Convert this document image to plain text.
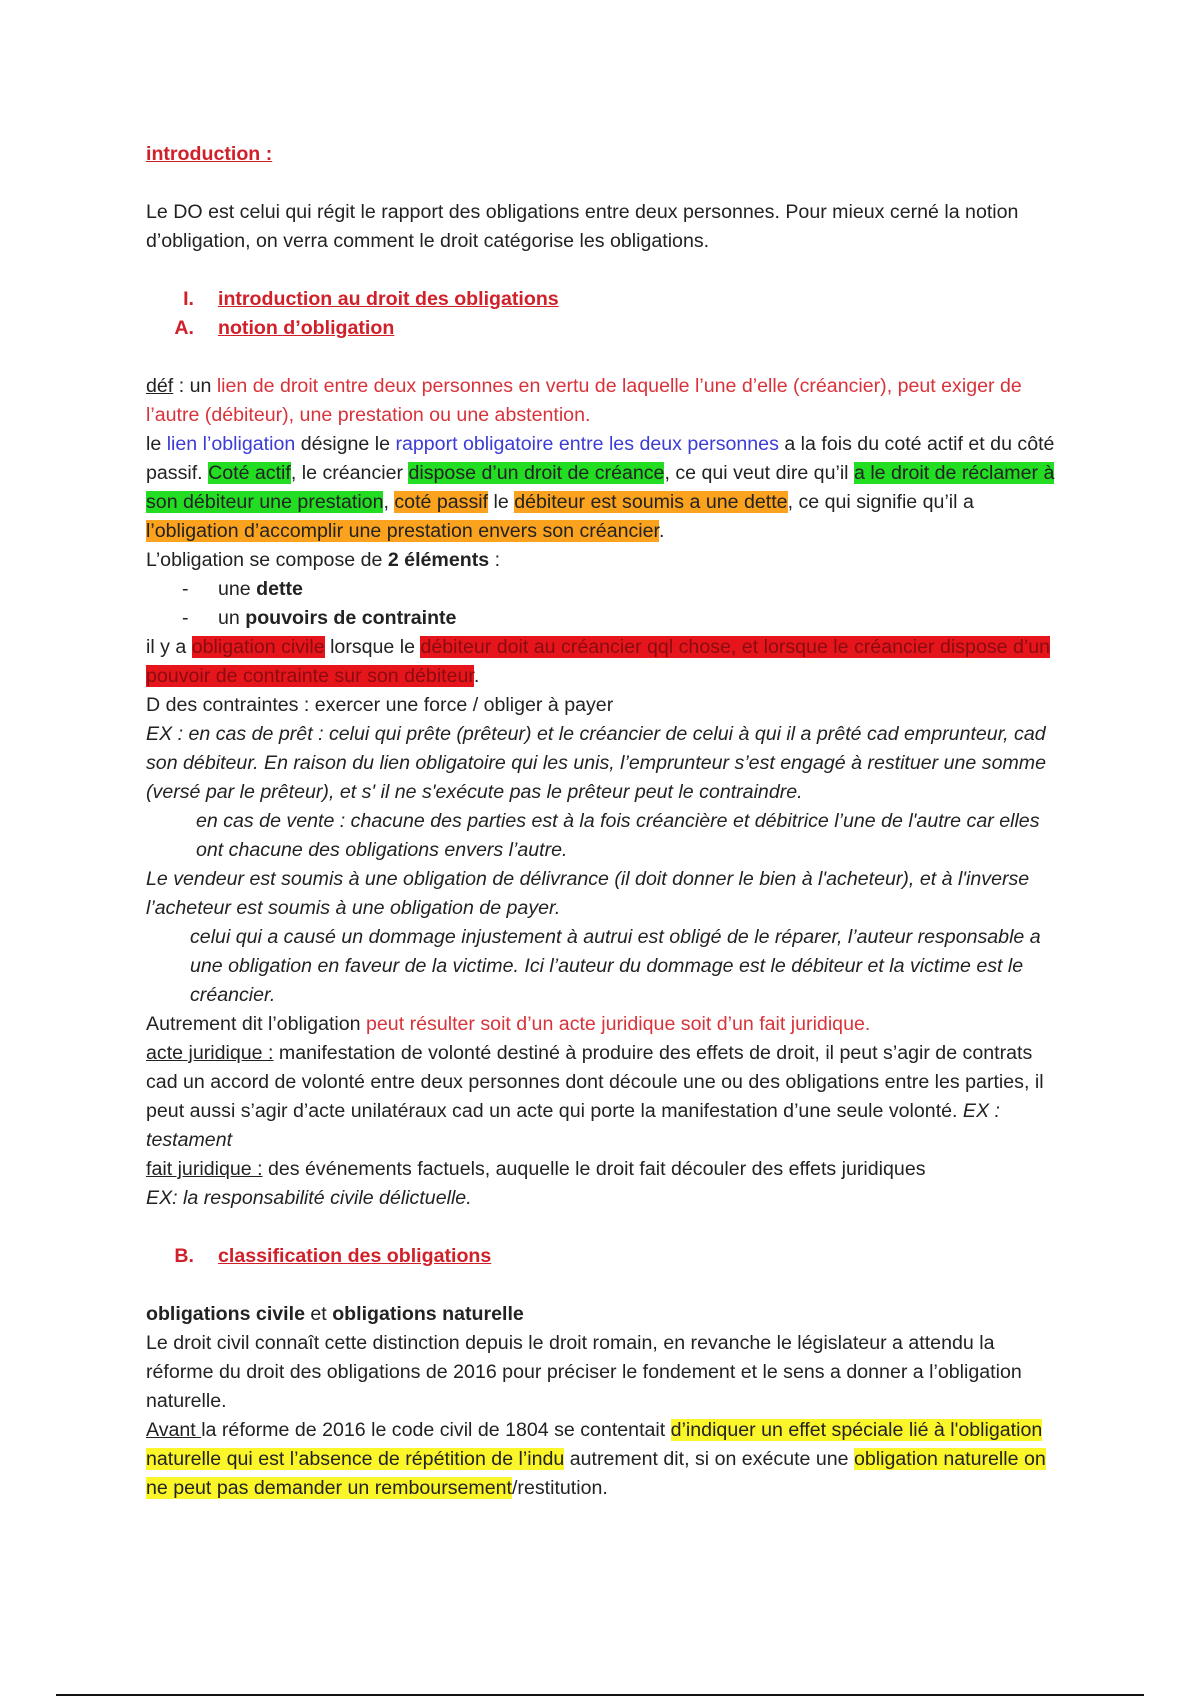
introduction :
Le DO est celui qui régit le rapport des obligations entre deux personnes. Pour mieux cerné la notion d’obligation, on verra comment le droit catégorise les obligations.
I.	introduction au droit des obligations
A.	notion d’obligation
déf : un lien de droit entre deux personnes en vertu de laquelle l’une d’elle (créancier), peut exiger de l’autre (débiteur), une prestation ou une abstention.
le lien l’obligation désigne le rapport obligatoire entre les deux personnes a la fois du coté actif et du côté passif. Coté actif, le créancier dispose d’un droit de créance, ce qui veut dire qu’il a le droit de réclamer à son débiteur une prestation, coté passif le débiteur est soumis a une dette, ce qui signifie qu’il a l’obligation d’accomplir une prestation envers son créancier.
L’obligation se compose de 2 éléments :
-	une dette
-	un pouvoirs de contrainte
il y a obligation civile lorsque le débiteur doit au créancier qql chose, et lorsque le créancier dispose d’un pouvoir de contrainte sur son débiteur.
D des contraintes : exercer une force / obliger à payer
EX : en cas de prêt : celui qui prête (prêteur) et le créancier de celui à qui il a prêté cad emprunteur, cad son débiteur. En raison du lien obligatoire qui les unis, l’emprunteur s’est engagé à restituer une somme (versé par le prêteur), et s' il ne s'exécute pas le prêteur peut le contraindre.
en cas de vente : chacune des parties est à la fois créancière et débitrice l’une de l'autre car elles ont chacune des obligations envers l’autre.
Le vendeur est soumis à une obligation de délivrance (il doit donner le bien à l'acheteur), et à l'inverse l’acheteur est soumis à une obligation de payer.
celui qui a causé un dommage injustement à autrui est obligé de le réparer, l’auteur responsable a une obligation en faveur de la victime. Ici l’auteur du dommage est le débiteur et la victime est le créancier.
Autrement dit l’obligation peut résulter soit d’un acte juridique soit d’un fait juridique.
acte juridique : manifestation de volonté destiné à produire des effets de droit, il peut s’agir de contrats cad un accord de volonté entre deux personnes dont découle une ou des obligations entre les parties, il peut aussi s’agir d’acte unilatéraux cad un acte qui porte la manifestation d’une seule volonté. EX : testament
fait juridique : des événements factuels, auquelle le droit fait découler des effets juridiques
EX: la responsabilité civile délictuelle.
B.	classification des obligations
obligations civile et obligations naturelle
Le droit civil connaît cette distinction depuis le droit romain, en revanche le législateur a attendu la réforme du droit des obligations de 2016 pour préciser le fondement et le sens a donner a l’obligation naturelle.
Avant la réforme de 2016 le code civil de 1804 se contentait d’indiquer un effet spéciale lié à l'obligation naturelle qui est l’absence de répétition de l’indu autrement dit, si on exécute une obligation naturelle on ne peut pas demander un remboursement/restitution.
